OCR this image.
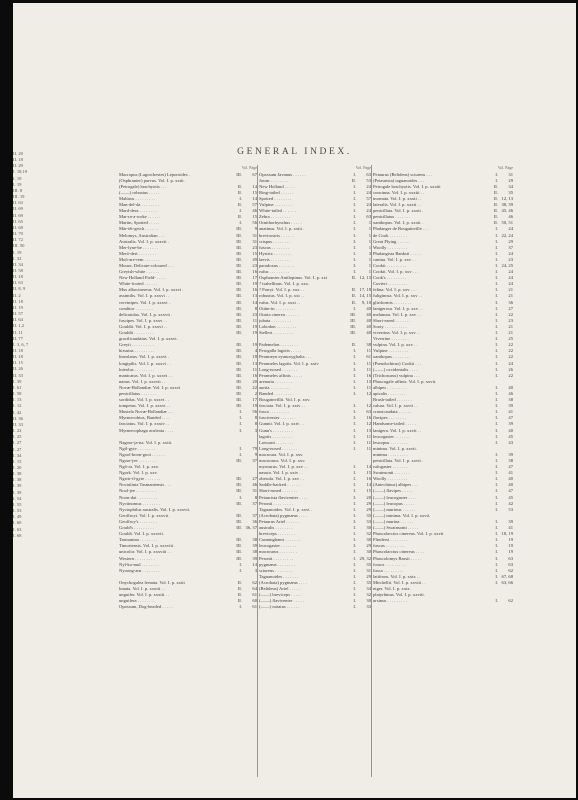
II. 20
II. 18
II. 29
I. 18,19
I. 19
I. 19
III. 8
III. 19
II. 63
II. 69
II. 69
II. 65
II. 68
II. 70
II. 72
III. 50
I. 19
I. 32
II. 34
II. 58
II. 18
II. 63
II. 8, 9
II. 2
II. 18
II. 19
II. 57
II. 64
II. 1,2
II. 11
II. 77
I. 3, 6, 7
II. 18
II. 18
II. 15
II. 26
II. 33
I. 39
I. 61
I. 58
I. 13
I. 12
I. 42
II. 36
II. 33
I. 22
I. 25
I. 27
I. 27
I. 34
I. 15
I. 20
I. 38
I. 38
I. 39
I. 39
I. 54
I. 55
I. 53
I. 49
I. 60
I. 63
I. 68
GENERAL INDEX.
Vol. Page
Macropus (Lagorchestes) Leporoides .	III.	67
(Osphranter) parvus. Vol. I. p. xxiii.
(Petrogale) brachyotis . . .	II.	14
(——) robustus . . . . .	II.	15
Malúrus . . . . . . . . .	I.	14
Man-del-da . . . . . . . .	II.	57
Mard-dera . . . . . . . .	I.	46
Mar-ra-a-woke . . . . . .	II.	15
Martin, Spotted . . . . .	I.	56
Mär-tět-getch . . . . . .	III.	9
Melomys, Australian . . .	III.	31
Australis. Vol. I. p. xxxvii .	III.	31
Mer-lyne-be . . . . . . .	III.	23
Merō-dert . . . . . . . .	III.	15
Moō-are-rem . . . . . . .	III.	49
Mouse, Delicate-coloured . . .	III.	23
Greyish-white . . . . . .	III.	16
New Holland Field- . . . .	III.	17
White-footed . . . . . .	III.	19
Mus albocinereus. Vol. I. p. xxxvi .	III.	16
assimilis. Vol. I. p. xxxvi . .	III.	13
cervinipes. Vol. I. p. xxxvi .	III.	14
conditor . . . . . . . .	III.	8
delicatulus. Vol. I. p. xxxvii .	III.	23
fuscipes. Vol. I. p. xxxv . .	III.	11
Gouldii. Vol. I. p. xxxvi . .	III.	19
Gouldii . . . . . . . . .	III.	19
gracilicaudatus. Vol. I. p. xxxvi.
Greyii . . . . . . . . . .	III.	19
hirsutus . . . . . . . . .	III.	4
lineolatus. Vol. I. p. xxxvi .	III.	18
longipilis. Vol. I. p. xxxvi . .	III.	13
luteolus . . . . . . . . .	III.	11
manicatus. Vol. I. p. xxxvi . .	III.	16
nanus. Vol. I. p. xxxvii . .	III.	20
Novæ-Hollandiæ. Vol. I. p. xxxvi	III.	22
penicillatus . . . . . . .	III.	2
sordidus. Vol. I. p. xxxvi . .	III.	17
tompetus. Vol. I. p. xxxvi . .	III.	19
Mustela Novæ-Hollandiæ . . .	I.	56
Myrmecobius, Banded . . . .	I.	8
fasciatus. Vol. I. p. xxxiv . .	I.	8
Myrmecophaga aculeata . . . .	I.	3
Nagoor-ja-na. Vol. I. p. xxiii.
Ngil-gyte . . . . . . . .	I.	79
Ngool-boon-goot . . . . . .	I.	9
Ngoor-jee . . . . . . . .	III.	37
Ngō-ra. Vol. I. p. xxv.
Ngork. Vol. I. p. xxv.
Ngwir-il-gyte . . . . . . .	III.	27
Noctulinia Tasmaniensis . . .	III.	46
Nool-jee . . . . . . . . .	III.	31
Noon-dat . . . . . . . . .	I.	8
Nyctinomus . . . . . . . .	III.	37
Nyctophilus australis. Vol. I. p. xxxvii.
Geoffroyi. Vol. I. p. xxxvii .	III.	37
Geoffroy's . . . . . . . .	III.	36
Gould's . . . . . . . . .	III. 36, 37
Gouldi. Vol. I. p. xxxvii.
Tasmanian . . . . . . . .	III.	38
Timoriensis. Vol. I. p. xxxviii .	III.	39
unicolor. Vol. I. p. xxxviii . .	III.	38
Western . . . . . . . . .	III.	39
Nyl-ko-mul . . . . . . . .	I.	14
Nyoong-arn . . . . . . . .	I.	3
Onychogalea frenata. Vol. I. p. xxiii	II.	62
lunata. Vol. I. p. xxxiii . .	II.	64
unguifer. Vol. I. p. xxxiii . .	II.	61
unguifera . . . . . . . .	II.	60
Opossum, Dog-headed . . . . .	I.	61
Vol. Page
Opossum Javanus . . . . . .	I.	63
Javan . . . . . . . .	II.	53
New Holland . . . . .	I.	24
Ring-tailed . . . . . .	I.	24
Spotted . . . . . . . .	I.	57
Vulpine . . . . . . . .	I.	24
White-tailed . . . . . .	I.	24
Zebra . . . . . . . . .	I.	63
Ornithorhynchus . . . . .	I.	1
anatinus. Vol. I. p. xxiii .	I.	1
brevirostris . . . . . .	I.	1
crispus . . . . . . . .	I.	1
fuscus . . . . . . . .	I.	1
Hystrix . . . . . . . .	I.	3
laevis . . . . . . . . .	I.	1
paradoxus . . . . . . .	I.	1
rufus . . . . . . . . .	I.	1
Osphranter Antilopinus. Vol. I. p. xxi	II. 12, 13
? isabellinus. Vol. I. p. xxx.
? Parryi. Vol. I. p. xxx . .	II. 17, 18
robustus. Vol. I. p. xxi . .	II. 14, 15
rufus. Vol. I. p. xxxi . .	II.	9, 10
Otiŭn-in . . . . . . . . .	I.	40
Otaria cinerea . . . . . .	III.	40
jubata . . . . . . . . .	III.	40
Lobodon . . . . . . . . .	III.	40
Stelleri . . . . . . . . .	III.	40
Pademelon . . . . . . . .	II.	38
Perogalla lagotis . . . . .	I.	11
Perameyn eyanoryghalia . . .	I.	61
Perameles lagotis. Vol. I. p. xxiv	I.	11
Long-nosed . . . . . . .	I.	11
Perameles affinis . . . . .	I.	16
arenaria . . . . . . . .	I.	13
aurita . . . . . . . . .	I.	11
Banded . . . . . . . . .	I.	12
Bougainvillii. Vol. I. p. xxv.
fasciata. Vol. I. p. xxiv . .	I.	12
fusca . . . . . . . . .	I.	63
fusciventer . . . . . . .	I.	16
Gunnii. Vol. I. p. xxiv . .	I.	12
Gunn's . . . . . . . . .	I.	13
lagotis . . . . . . . . .	I.	11
Lawsoni . . . . . . . .	I.	11
Long-nosed . . . . . . .	I.	11
macroura. Vol. I. p. xxv.
macrourus. Vol. I. p. xxv.
myosurus. Vol. I. p. xxv . .	I.	14
nasuta. Vol. I. p. xxiv . .	I.	15
obesula. Vol. I. p. xxv . .	I.	16
Saddle-backed . . . . . .	I.	14
Short-nosed . . . . . . .	I.	15
Petaurista flaviventer . . . .	I.	20
Peronii . . . . . . . . .	I.	29
Taguanoides. Vol. I. p. xxvi .	I.	29
(Acrobata) pygmæus . . . .	I.	35
Petaurus Ariel . . . . . .	I.	33
australis . . . . . . . .	I.	30
breviceps . . . . . . . .	I.	32
Cunninghami . . . . . . .	I.	30
leucogaster . . . . . . .	I.	29
macrourus . . . . . . . .	I.	30
Peronii . . . . . . . . .	I. 29, 32
pygmæus . . . . . . . .	I.	35
sciureus . . . . . . . .	I.	31
Taguanoides . . . . . . .	I.	29
(Acrobata) pygmæus . . . .	I.	35
(Belideus) Ariel . . . . .	I.	34
(——) breviceps . . . . .	I.	32
(——) flaviventer . . . . .	I.	30
(——) notatus . . . . . .	I.	33
Vol. Page
Petaurus (Belideus) sciureus . . .	I.	31
(Petaurista) taguanoides . . .	I.	29
Petrogale brachyotis. Vol. I. p. xxxiii	II.	34
concinna. Vol. I. p. xxxiii . .	II.	35
inornata. Vol. I. p. xxxii . .	II. 12, 13
lateralis. Vol. I. p. xxxii . .	II. 38, 39
penicillata. Vol. I. p. xxxii .	II. 45, 46
penicillatus . . . . . . .	II.	46
xanthopus. Vol. I. p. xxxii .	II. 50, 51
Phalanger de Bougainville . . .	I.	24
de Cook . . . . . . . .	I. 22, 24
Great Flying . . . . . .	I.	29
Woolly . . . . . . . . .	I.	37
Phalangista Banksii . . . . .	I.	24
canina. Vol. I. p. xxv . .	I.	23
Cookii . . . . . . . . .	I. 24, 25
Cookii. Vol. I. p. xxv . . .	I.	24
Cook's . . . . . . . . .	I.	24
Cuvieri . . . . . . . . .	I.	24
felina. Vol. I. p. xxv . . .	I.	21
fuliginosa. Vol. I. p. xxv . .	I.	21
gliriformis . . . . . . . .	I.	36
lanigerosa. Vol. I. p. xxv . .	I.	27
melanura. Vol. I. p. xxv . .	I.	22
Short-eared . . . . . . .	I.	23
Sooty . . . . . . . . . .	I.	21
viverrina. Vol. I. p. xxv . .	I.	21
Viverrine . . . . . . . .	I.	25
vulpina. Vol. I. p. xxv . .	I.	22
Vulpine . . . . . . . . .	I.	22
xanthopus . . . . . . . .	I.	22
(Pseudochirus) Cookii . . .	I.	24
(——) occidentalis . . . .	I.	26
(Trichosurus) vulpina . . .	I.	22
Phascogale affinis. Vol. I. p. xxvii.
albipes . . . . . . . . .	I.	40
apicalis . . . . . . . .	I.	46
Brush-tailed . . . . . . .	I.	38
calura. Vol. I. p. xxvii . .	I.	39
crassicaudata . . . . . .	I.	41
flavipes . . . . . . . .	I.	47
Handsome-tailed . . . . .	I.	39
lanigera. Vol. I. p. xxvii . .	I.	40
leucogaster . . . . . . .	I.	45
leucopus . . . . . . . .	I.	43
minima. Vol. I. p. xxvii.
minima . . . . . . . . .	I.	39
penicillata. Vol. I. p. xxvii .	I.	38
rufogaster . . . . . . .	I.	47
Swainsonii . . . . . . .	I.	41
Woolly . . . . . . . . .	I.	40
(Antechinus) albipes . . .	I.	40
(——) flavipes . . . . .	I.	47
(——) leucogaster . . . .	I.	45
(——) leucopus . . . . .	I.	42
(——) murinus . . . . . .	I.	53
(——) minima. Vol. I. p. xxvii.
(——) murina . . . . . .	I.	39
(——) Swainsonii . . . . .	I.	41
Phascolarctos cinereus. Vol. I. p. xxvii	I. 18, 19
Flindersi . . . . . . . .	I.	19
fuscus . . . . . . . . .	I.	19
Phascolarctus cinereus . . . .	I.	19
Phascolomys Bassii . . . . .	I.	63
fossor . . . . . . . . .	I.	63
fusca . . . . . . . . .	I.	62
latifrons. Vol. I. p. xxix . .	I. 67, 68
Mitchellii. Vol. I. p. xxviii . .	I. 63, 66
niger. Vol. I. p. xxix.
platyrhinus. Vol. I. p. xxviii.
ursinus . . . . . . . . .	I.	62
